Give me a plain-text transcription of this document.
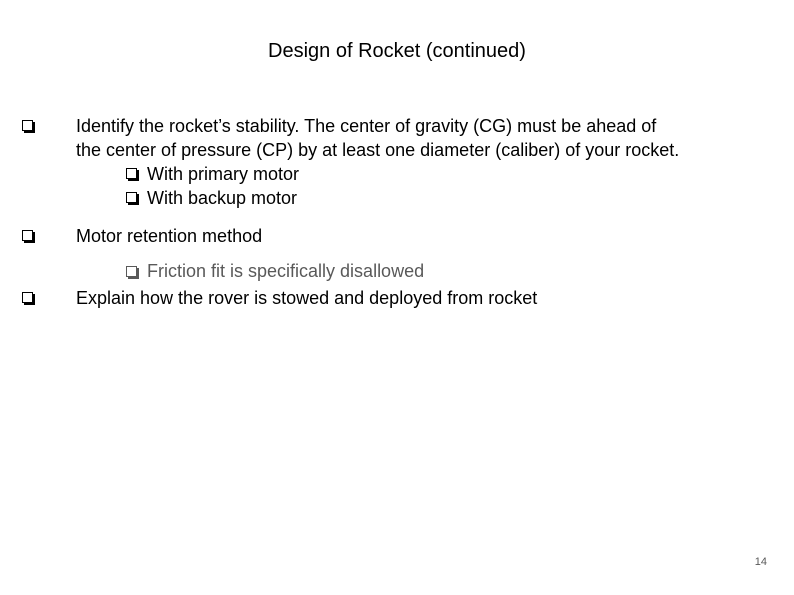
Design of Rocket (continued)
Identify the rocket’s stability. The center of gravity (CG) must be ahead of
the center of pressure (CP) by at least one diameter (caliber) of your rocket.
With primary motor
With backup motor
Motor retention method
Friction fit is specifically disallowed
Explain how the rover is stowed and deployed from rocket
14
